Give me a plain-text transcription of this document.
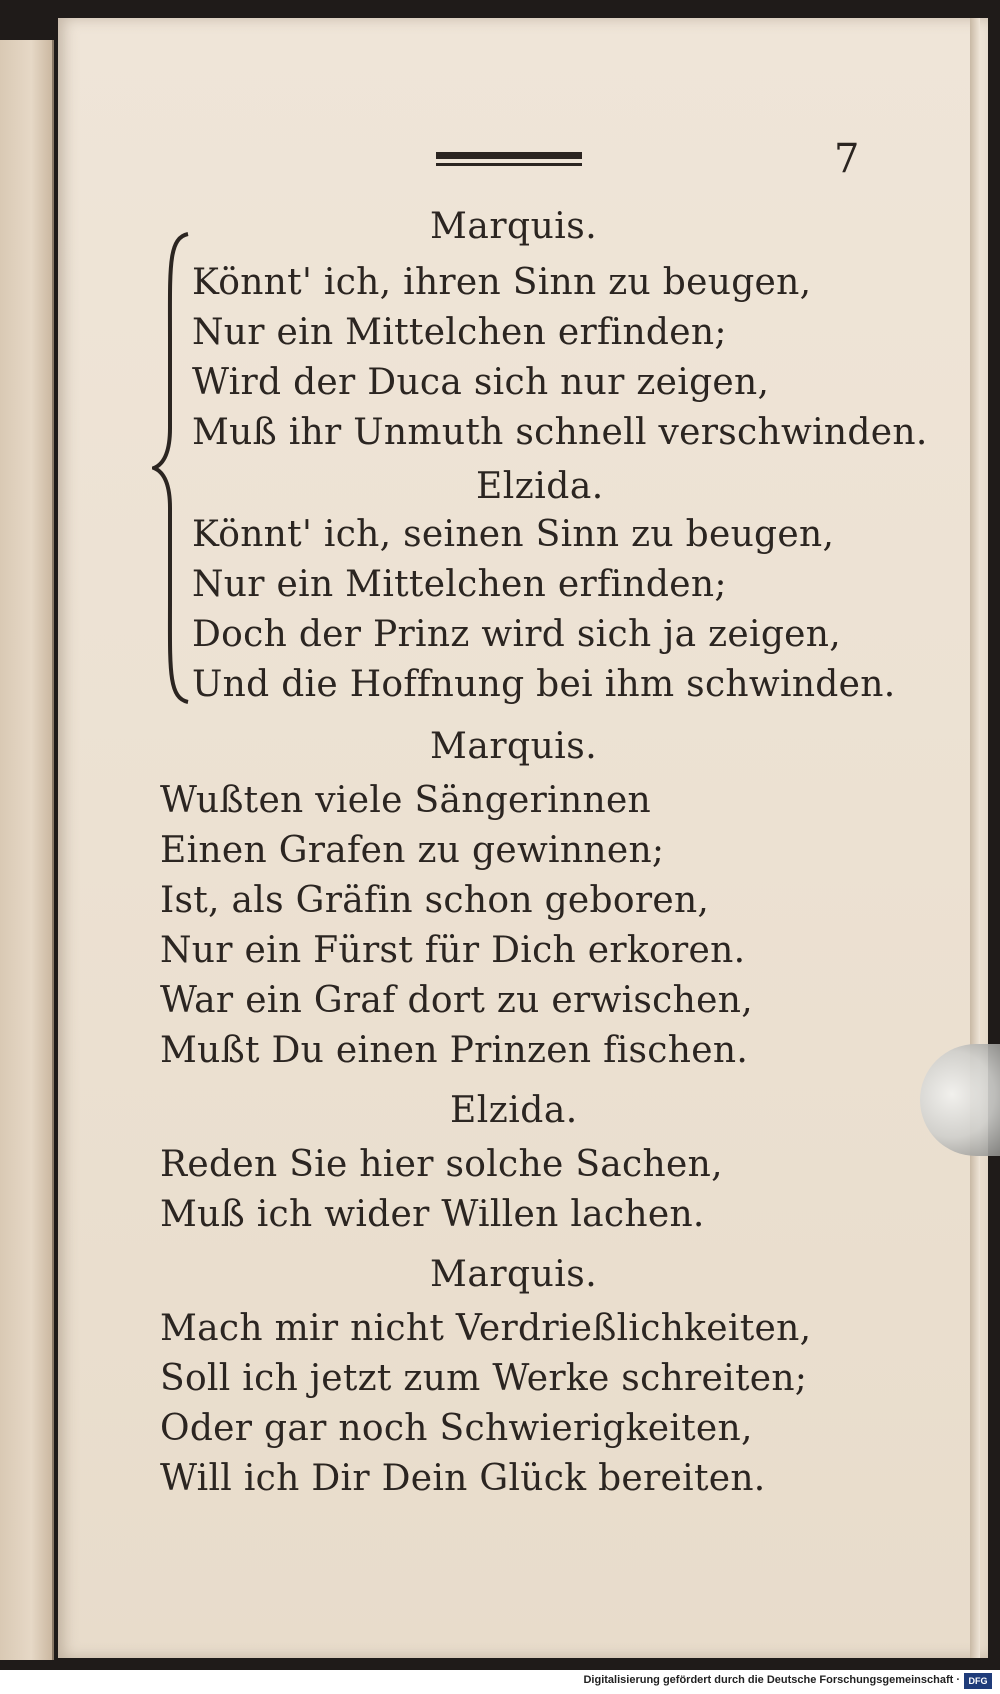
7
Marquis.
Könnt' ich, ihren Sinn zu beugen,
Nur ein Mittelchen erfinden;
Wird der Duca sich nur zeigen,
Muß ihr Unmuth schnell verschwinden.
Elzida.
Könnt' ich, seinen Sinn zu beugen,
Nur ein Mittelchen erfinden;
Doch der Prinz wird sich ja zeigen,
Und die Hoffnung bei ihm schwinden.
Marquis.
Wußten viele Sängerinnen
Einen Grafen zu gewinnen;
Ist, als Gräfin schon geboren,
Nur ein Fürst für Dich erkoren.
War ein Graf dort zu erwischen,
Mußt Du einen Prinzen fischen.
Elzida.
Reden Sie hier solche Sachen,
Muß ich wider Willen lachen.
Marquis.
Mach mir nicht Verdrießlichkeiten,
Soll ich jetzt zum Werke schreiten;
Oder gar noch Schwierigkeiten,
Will ich Dir Dein Glück bereiten.
Digitalisierung gefördert durch die Deutsche Forschungsgemeinschaft · DFG
